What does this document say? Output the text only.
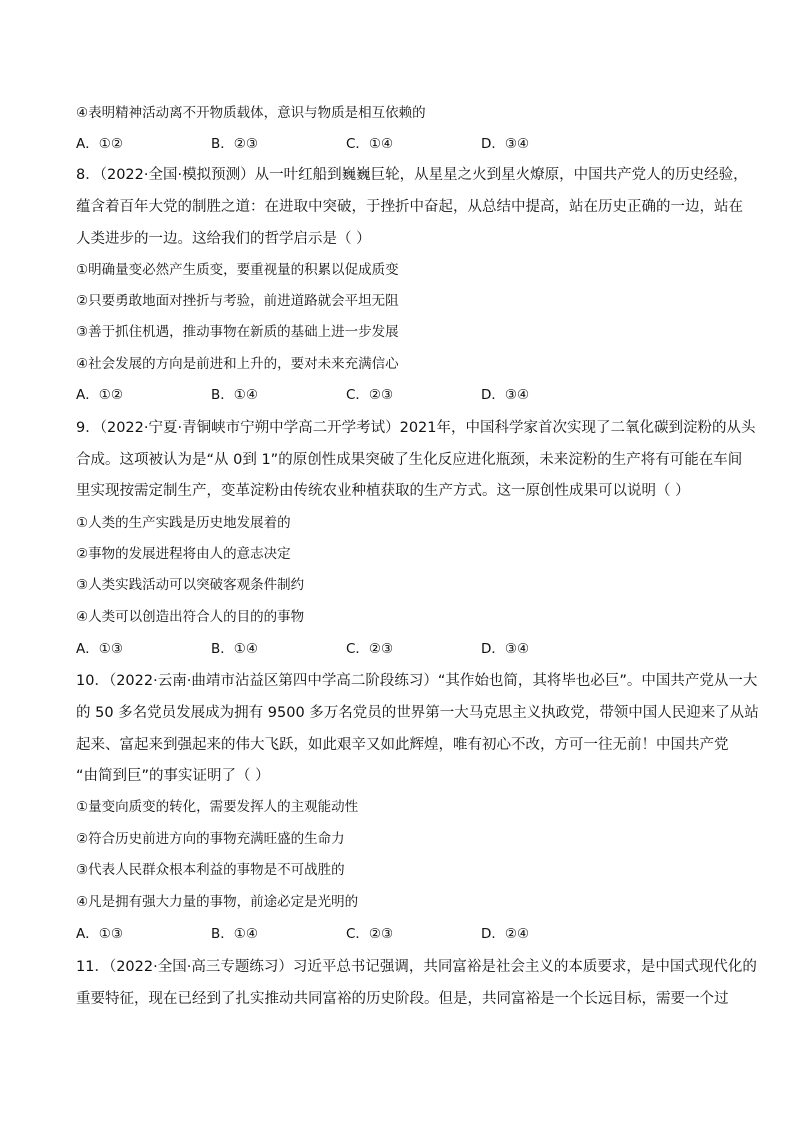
④表明精神活动离不开物质载体，意识与物质是相互依赖的
A．①②	B．②③	C．①④	D．③④
8．（2022·全国·模拟预测）从一叶红船到巍巍巨轮，从星星之火到星火燎原，中国共产党人的历史经验，
蕴含着百年大党的制胜之道：在进取中突破，于挫折中奋起，从总结中提高，站在历史正确的一边，站在
人类进步的一边。这给我们的哲学启示是（ ）
①明确量变必然产生质变，要重视量的积累以促成质变
②只要勇敢地面对挫折与考验，前进道路就会平坦无阻
③善于抓住机遇，推动事物在新质的基础上进一步发展
④社会发展的方向是前进和上升的，要对未来充满信心
A．①②	B．①④	C．②③	D．③④
9．（2022·宁夏·青铜峡市宁朔中学高二开学考试）2021年，中国科学家首次实现了二氧化碳到淀粉的从头
合成。这项被认为是“从 0到 1”的原创性成果突破了生化反应进化瓶颈，未来淀粉的生产将有可能在车间
里实现按需定制生产，变革淀粉由传统农业种植获取的生产方式。这一原创性成果可以说明（ ）
①人类的生产实践是历史地发展着的
②事物的发展进程将由人的意志决定
③人类实践活动可以突破客观条件制约
④人类可以创造出符合人的目的的事物
A．①③	B．①④	C．②③	D．③④
10．（2022·云南·曲靖市沾益区第四中学高二阶段练习）“其作始也简，其将毕也必巨”。中国共产党从一大
的 50 多名党员发展成为拥有 9500 多万名党员的世界第一大马克思主义执政党，带领中国人民迎来了从站
起来、富起来到强起来的伟大飞跃，如此艰辛又如此辉煌，唯有初心不改，方可一往无前！中国共产党
“由简到巨”的事实证明了（ ）
①量变向质变的转化，需要发挥人的主观能动性
②符合历史前进方向的事物充满旺盛的生命力
③代表人民群众根本利益的事物是不可战胜的
④凡是拥有强大力量的事物，前途必定是光明的
A．①③	B．①④	C．②③	D．②④
11．（2022·全国·高三专题练习）习近平总书记强调，共同富裕是社会主义的本质要求，是中国式现代化的
重要特征，现在已经到了扎实推动共同富裕的历史阶段。但是，共同富裕是一个长远目标，需要一个过
